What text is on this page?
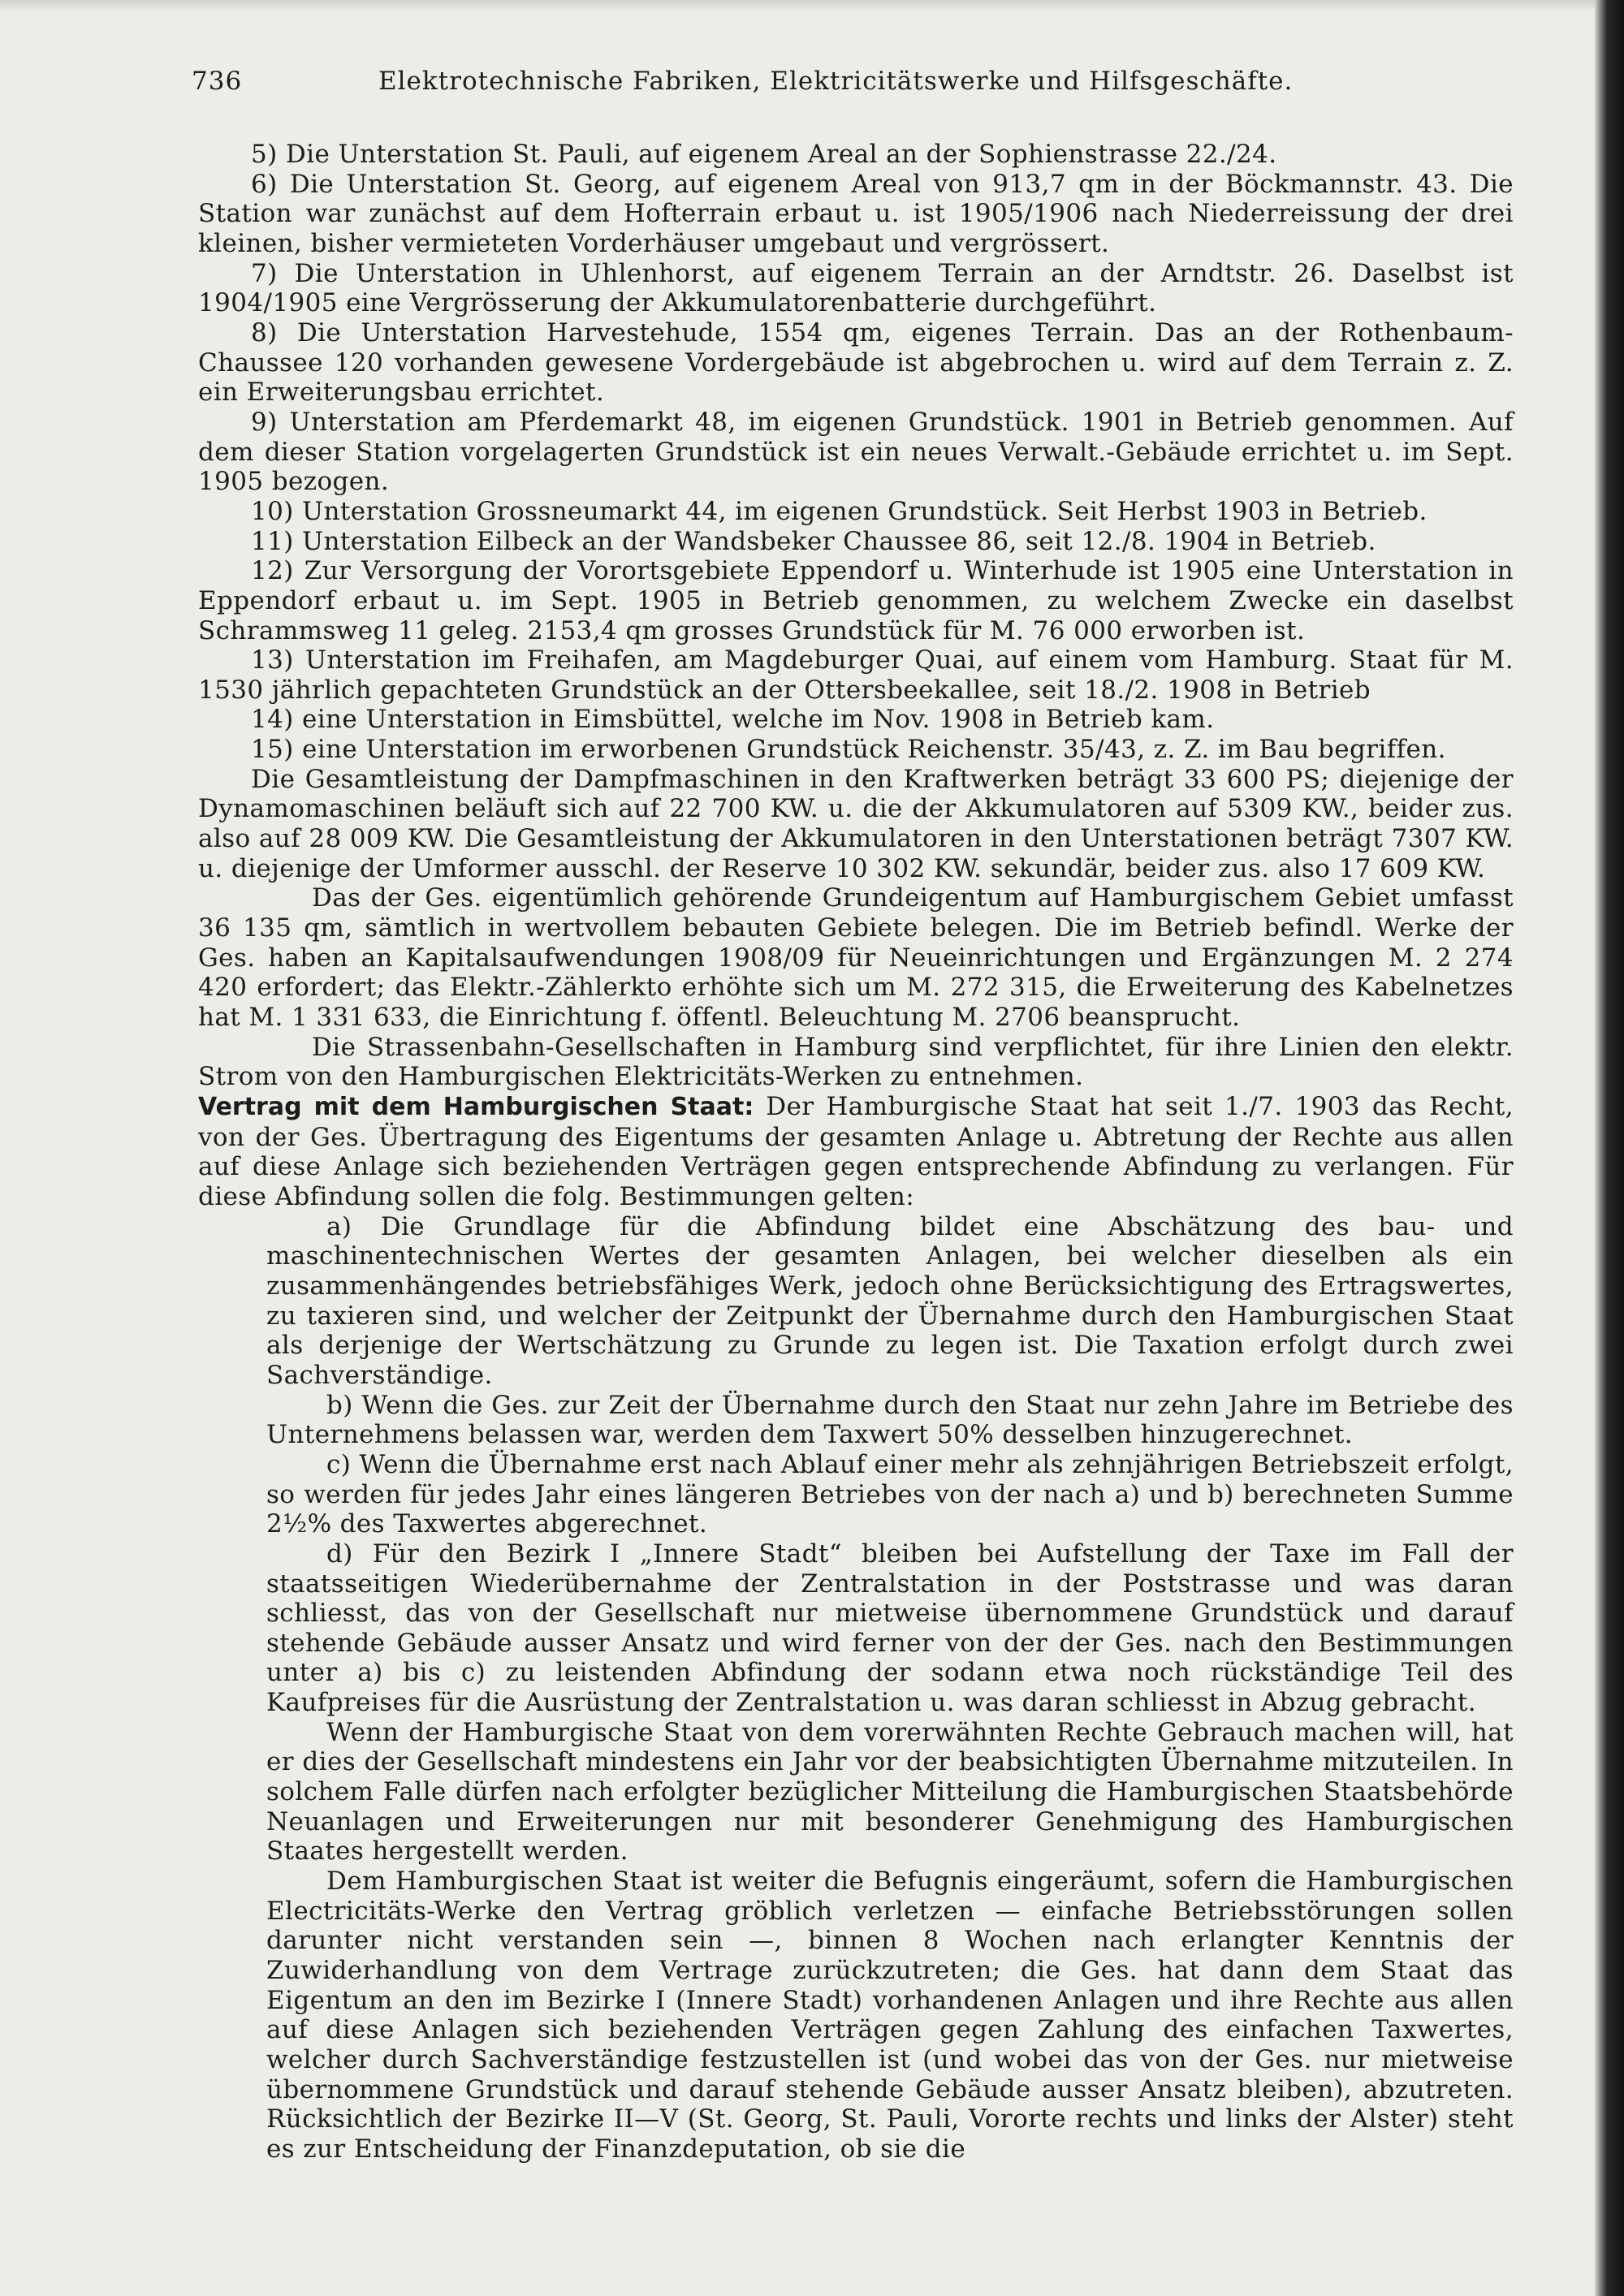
736	Elektrotechnische Fabriken, Elektricitätswerke und Hilfsgeschäfte.

5) Die Unterstation St. Pauli, auf eigenem Areal an der Sophienstrasse 22./24.

6) Die Unterstation St. Georg, auf eigenem Areal von 913,7 qm in der Böckmannstr. 43. Die Station war zunächst auf dem Hofterrain erbaut u. ist 1905/1906 nach Niederreissung der drei kleinen, bisher vermieteten Vorderhäuser umgebaut und vergrössert.

7) Die Unterstation in Uhlenhorst, auf eigenem Terrain an der Arndtstr. 26. Daselbst ist 1904/1905 eine Vergrösserung der Akkumulatorenbatterie durchgeführt.

8) Die Unterstation Harvestehude, 1554 qm, eigenes Terrain. Das an der Rothenbaum-Chaussee 120 vorhanden gewesene Vordergebäude ist abgebrochen u. wird auf dem Terrain z. Z. ein Erweiterungsbau errichtet.

9) Unterstation am Pferdemarkt 48, im eigenen Grundstück. 1901 in Betrieb genommen. Auf dem dieser Station vorgelagerten Grundstück ist ein neues Verwalt.-Gebäude errichtet u. im Sept. 1905 bezogen.

10) Unterstation Grossneumarkt 44, im eigenen Grundstück. Seit Herbst 1903 in Betrieb.

11) Unterstation Eilbeck an der Wandsbeker Chaussee 86, seit 12./8. 1904 in Betrieb.

12) Zur Versorgung der Vorortsgebiete Eppendorf u. Winterhude ist 1905 eine Unterstation in Eppendorf erbaut u. im Sept. 1905 in Betrieb genommen, zu welchem Zwecke ein daselbst Schrammsweg 11 geleg. 2153,4 qm grosses Grundstück für M. 76 000 erworben ist.

13) Unterstation im Freihafen, am Magdeburger Quai, auf einem vom Hamburg. Staat für M. 1530 jährlich gepachteten Grundstück an der Ottersbeekallee, seit 18./2. 1908 in Betrieb

14) eine Unterstation in Eimsbüttel, welche im Nov. 1908 in Betrieb kam.

15) eine Unterstation im erworbenen Grundstück Reichenstr. 35/43, z. Z. im Bau begriffen.

Die Gesamtleistung der Dampfmaschinen in den Kraftwerken beträgt 33 600 PS; diejenige der Dynamomaschinen beläuft sich auf 22 700 KW. u. die der Akkumulatoren auf 5309 KW., beider zus. also auf 28 009 KW. Die Gesamtleistung der Akkumulatoren in den Unterstationen beträgt 7307 KW. u. diejenige der Umformer ausschl. der Reserve 10 302 KW. sekundär, beider zus. also 17 609 KW.

Das der Ges. eigentümlich gehörende Grundeigentum auf Hamburgischem Gebiet umfasst 36 135 qm, sämtlich in wertvollem bebauten Gebiete belegen. Die im Betrieb befindl. Werke der Ges. haben an Kapitalsaufwendungen 1908/09 für Neueinrichtungen und Ergänzungen M. 2 274 420 erfordert; das Elektr.-Zählerkto erhöhte sich um M. 272 315, die Erweiterung des Kabelnetzes hat M. 1 331 633, die Einrichtung f. öffentl. Beleuchtung M. 2706 beansprucht.

Die Strassenbahn-Gesellschaften in Hamburg sind verpflichtet, für ihre Linien den elektr. Strom von den Hamburgischen Elektricitäts-Werken zu entnehmen.

Vertrag mit dem Hamburgischen Staat: Der Hamburgische Staat hat seit 1./7. 1903 das Recht, von der Ges. Übertragung des Eigentums der gesamten Anlage u. Abtretung der Rechte aus allen auf diese Anlage sich beziehenden Verträgen gegen entsprechende Abfindung zu verlangen. Für diese Abfindung sollen die folg. Bestimmungen gelten:

a) Die Grundlage für die Abfindung bildet eine Abschätzung des bau- und maschinentechnischen Wertes der gesamten Anlagen, bei welcher dieselben als ein zusammenhängendes betriebsfähiges Werk, jedoch ohne Berücksichtigung des Ertragswertes, zu taxieren sind, und welcher der Zeitpunkt der Übernahme durch den Hamburgischen Staat als derjenige der Wertschätzung zu Grunde zu legen ist. Die Taxation erfolgt durch zwei Sachverständige.

b) Wenn die Ges. zur Zeit der Übernahme durch den Staat nur zehn Jahre im Betriebe des Unternehmens belassen war, werden dem Taxwert 50% desselben hinzugerechnet.

c) Wenn die Übernahme erst nach Ablauf einer mehr als zehnjährigen Betriebszeit erfolgt, so werden für jedes Jahr eines längeren Betriebes von der nach a) und b) berechneten Summe 2½% des Taxwertes abgerechnet.

d) Für den Bezirk I „Innere Stadt“ bleiben bei Aufstellung der Taxe im Fall der staatsseitigen Wiederübernahme der Zentralstation in der Poststrasse und was daran schliesst, das von der Gesellschaft nur mietweise übernommene Grundstück und darauf stehende Gebäude ausser Ansatz und wird ferner von der der Ges. nach den Bestimmungen unter a) bis c) zu leistenden Abfindung der sodann etwa noch rückständige Teil des Kaufpreises für die Ausrüstung der Zentralstation u. was daran schliesst in Abzug gebracht.

Wenn der Hamburgische Staat von dem vorerwähnten Rechte Gebrauch machen will, hat er dies der Gesellschaft mindestens ein Jahr vor der beabsichtigten Übernahme mitzuteilen. In solchem Falle dürfen nach erfolgter bezüglicher Mitteilung die Hamburgischen Staatsbehörde Neuanlagen und Erweiterungen nur mit besonderer Genehmigung des Hamburgischen Staates hergestellt werden.

Dem Hamburgischen Staat ist weiter die Befugnis eingeräumt, sofern die Hamburgischen Electricitäts-Werke den Vertrag gröblich verletzen — einfache Betriebsstörungen sollen darunter nicht verstanden sein —, binnen 8 Wochen nach erlangter Kenntnis der Zuwiderhandlung von dem Vertrage zurückzutreten; die Ges. hat dann dem Staat das Eigentum an den im Bezirke I (Innere Stadt) vorhandenen Anlagen und ihre Rechte aus allen auf diese Anlagen sich beziehenden Verträgen gegen Zahlung des einfachen Taxwertes, welcher durch Sachverständige festzustellen ist (und wobei das von der Ges. nur mietweise übernommene Grundstück und darauf stehende Gebäude ausser Ansatz bleiben), abzutreten. Rücksichtlich der Bezirke II—V (St. Georg, St. Pauli, Vororte rechts und links der Alster) steht es zur Entscheidung der Finanzdeputation, ob sie die
